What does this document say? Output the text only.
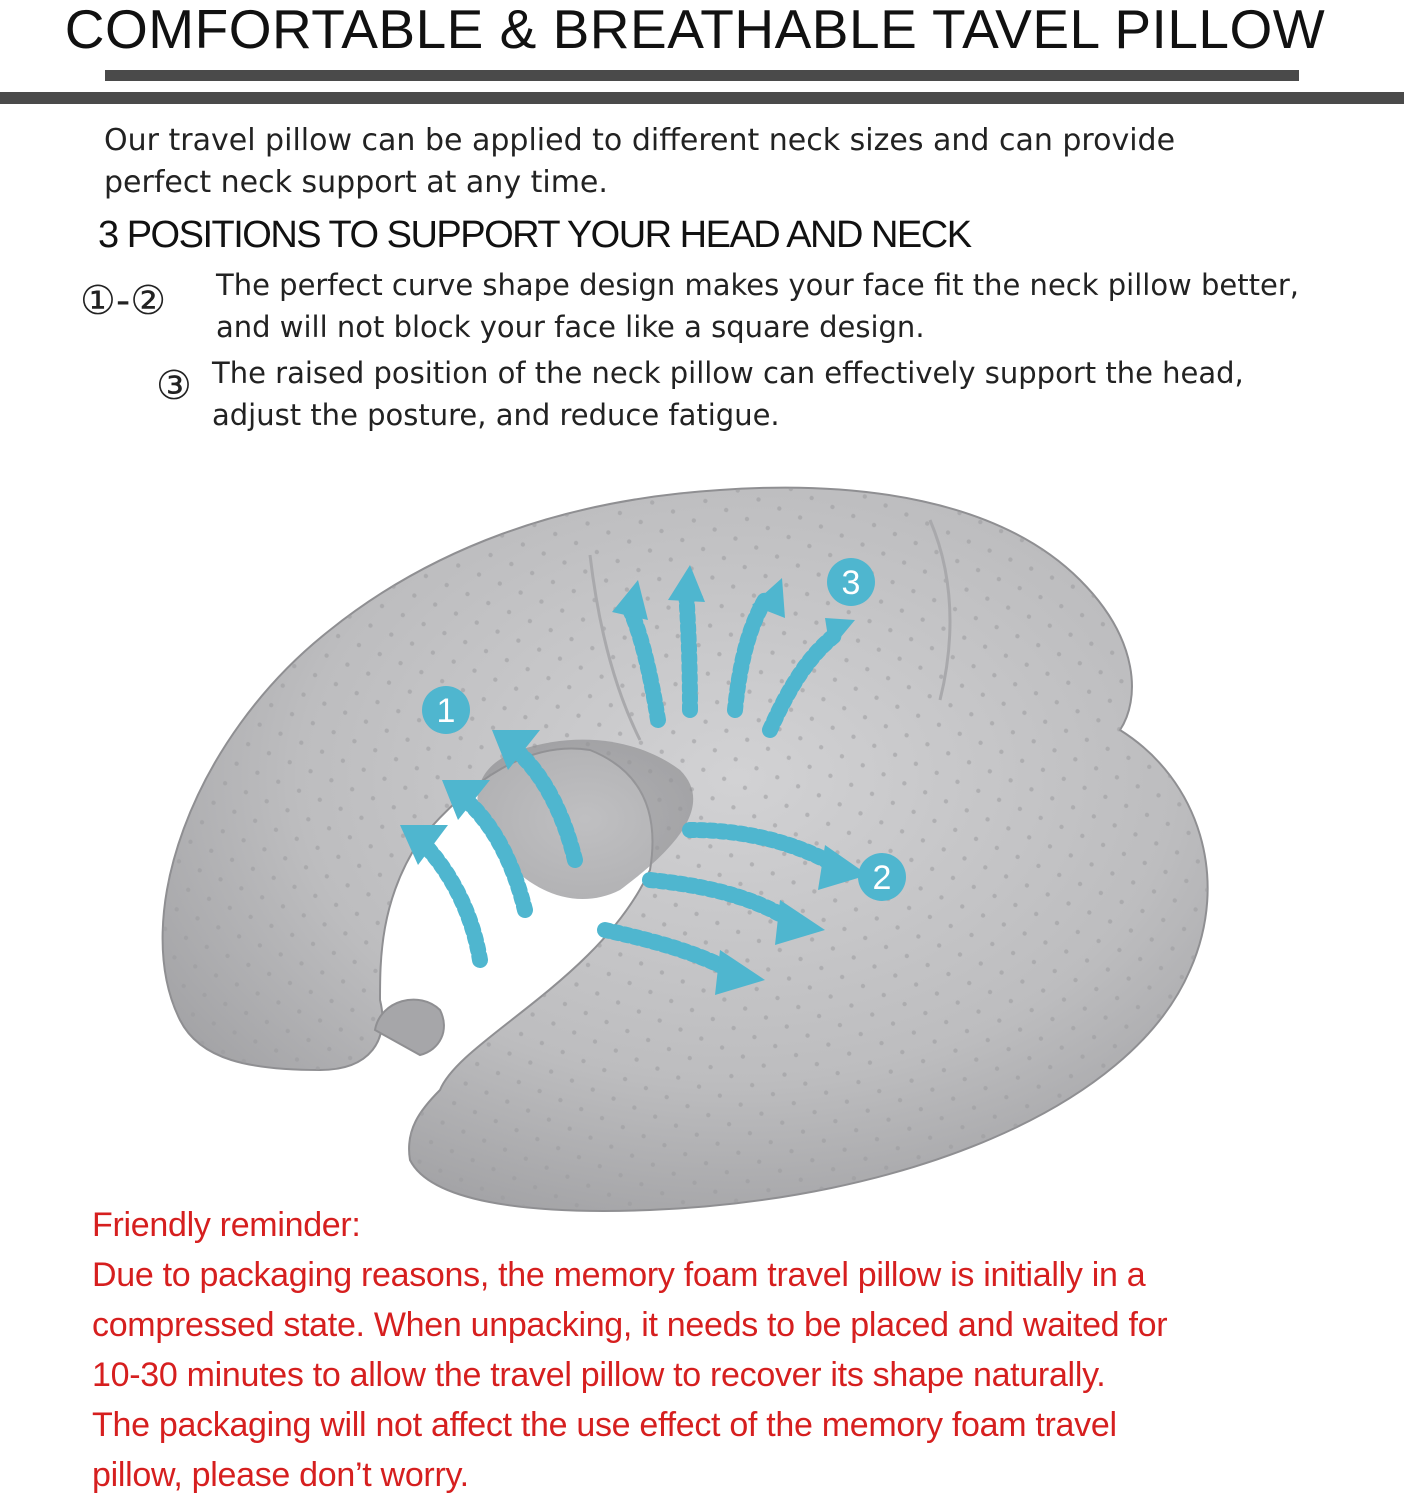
COMFORTABLE & BREATHABLE TAVEL PILLOW
Our travel pillow can be applied to different neck sizes and can provide
perfect neck support at any time.
3 POSITIONS TO SUPPORT YOUR HEAD AND NECK
①-② The perfect curve shape design makes your face fit the neck pillow better,
and will not block your face like a square design.
③ The raised position of the neck pillow can effectively support the head,
adjust the posture, and reduce fatigue.
1
2
3
Friendly reminder:
Due to packaging reasons, the memory foam travel pillow is initially in a
compressed state. When unpacking, it needs to be placed and waited for
10-30 minutes to allow the travel pillow to recover its shape naturally.
The packaging will not affect the use effect of the memory foam travel
pillow, please don’t worry.
